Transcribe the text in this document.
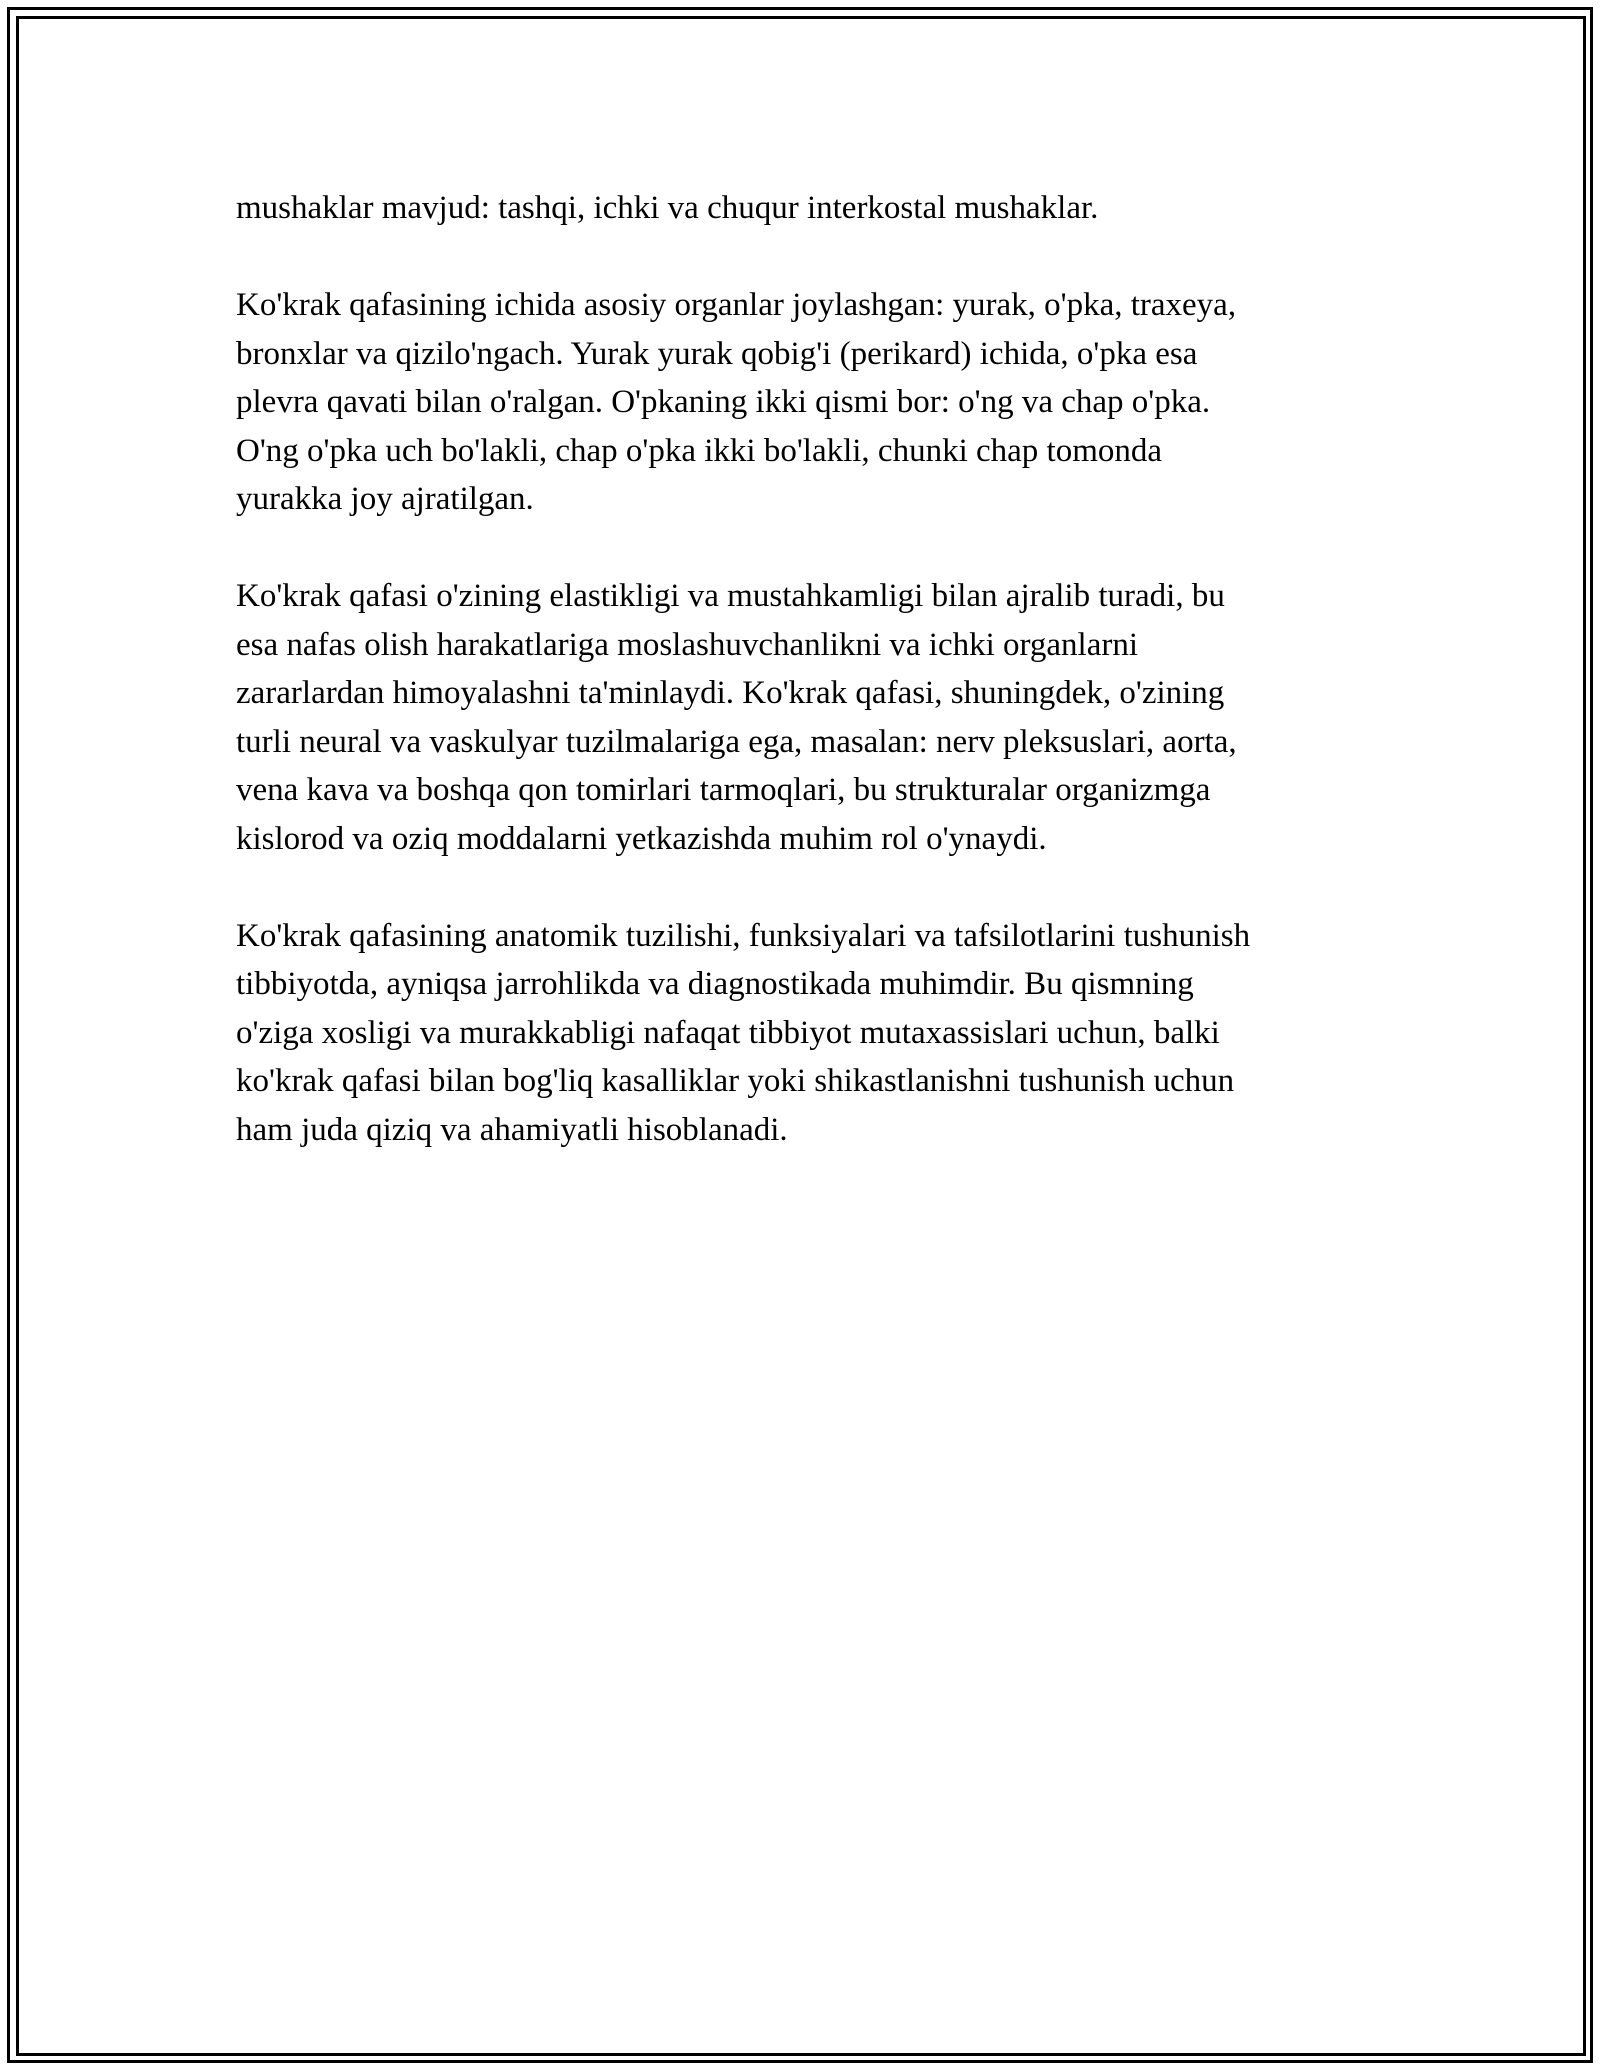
mushaklar mavjud: tashqi, ichki va chuqur interkostal mushaklar.

Ko'krak qafasining ichida asosiy organlar joylashgan: yurak, o'pka, traxeya,
bronxlar va qizilo'ngach. Yurak yurak qobig'i (perikard) ichida, o'pka esa
plevra qavati bilan o'ralgan. O'pkaning ikki qismi bor: o'ng va chap o'pka.
O'ng o'pka uch bo'lakli, chap o'pka ikki bo'lakli, chunki chap tomonda
yurakka joy ajratilgan.

Ko'krak qafasi o'zining elastikligi va mustahkamligi bilan ajralib turadi, bu
esa nafas olish harakatlariga moslashuvchanlikni va ichki organlarni
zararlardan himoyalashni ta'minlaydi. Ko'krak qafasi, shuningdek, o'zining
turli neural va vaskulyar tuzilmalariga ega, masalan: nerv pleksuslari, aorta,
vena kava va boshqa qon tomirlari tarmoqlari, bu strukturalar organizmga
kislorod va oziq moddalarni yetkazishda muhim rol o'ynaydi.

Ko'krak qafasining anatomik tuzilishi, funksiyalari va tafsilotlarini tushunish
tibbiyotda, ayniqsa jarrohlikda va diagnostikada muhimdir. Bu qismning
o'ziga xosligi va murakkabligi nafaqat tibbiyot mutaxassislari uchun, balki
ko'krak qafasi bilan bog'liq kasalliklar yoki shikastlanishni tushunish uchun
ham juda qiziq va ahamiyatli hisoblanadi.
